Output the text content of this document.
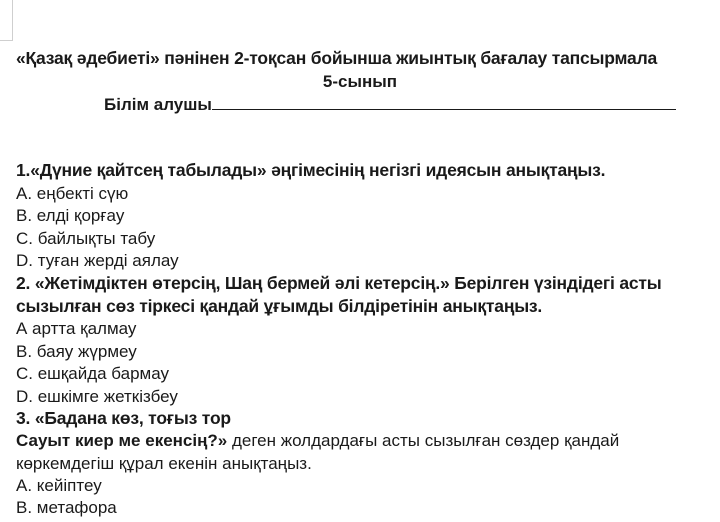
«Қазақ әдебиеті» пәнінен 2-тоқсан бойынша жиынтық бағалау тапсырмала
5-сынып
Білім алушы
1.«Дүние қайтсең табылады» әңгімесінің негізгі идеясын анықтаңыз.
А. еңбекті сүю
В. елді қорғау
С. байлықты табу
D. туған жерді аялау
2. «Жетімдіктен өтерсің, Шаң бермей әлі кетерсің.» Берілген үзіндідегі асты
сызылған сөз тіркесі қандай ұғымды білдіретінін анықтаңыз.
А артта қалмау
В. баяу жүрмеу
С. ешқайда бармау
D. ешкімге жеткізбеу
3. «Бадана көз, тоғыз тор
Сауыт киер ме екенсің?» деген жолдардағы асты сызылған сөздер қандай
көркемдегіш құрал екенін анықтаңыз.
А. кейіптеу
В. метафора
